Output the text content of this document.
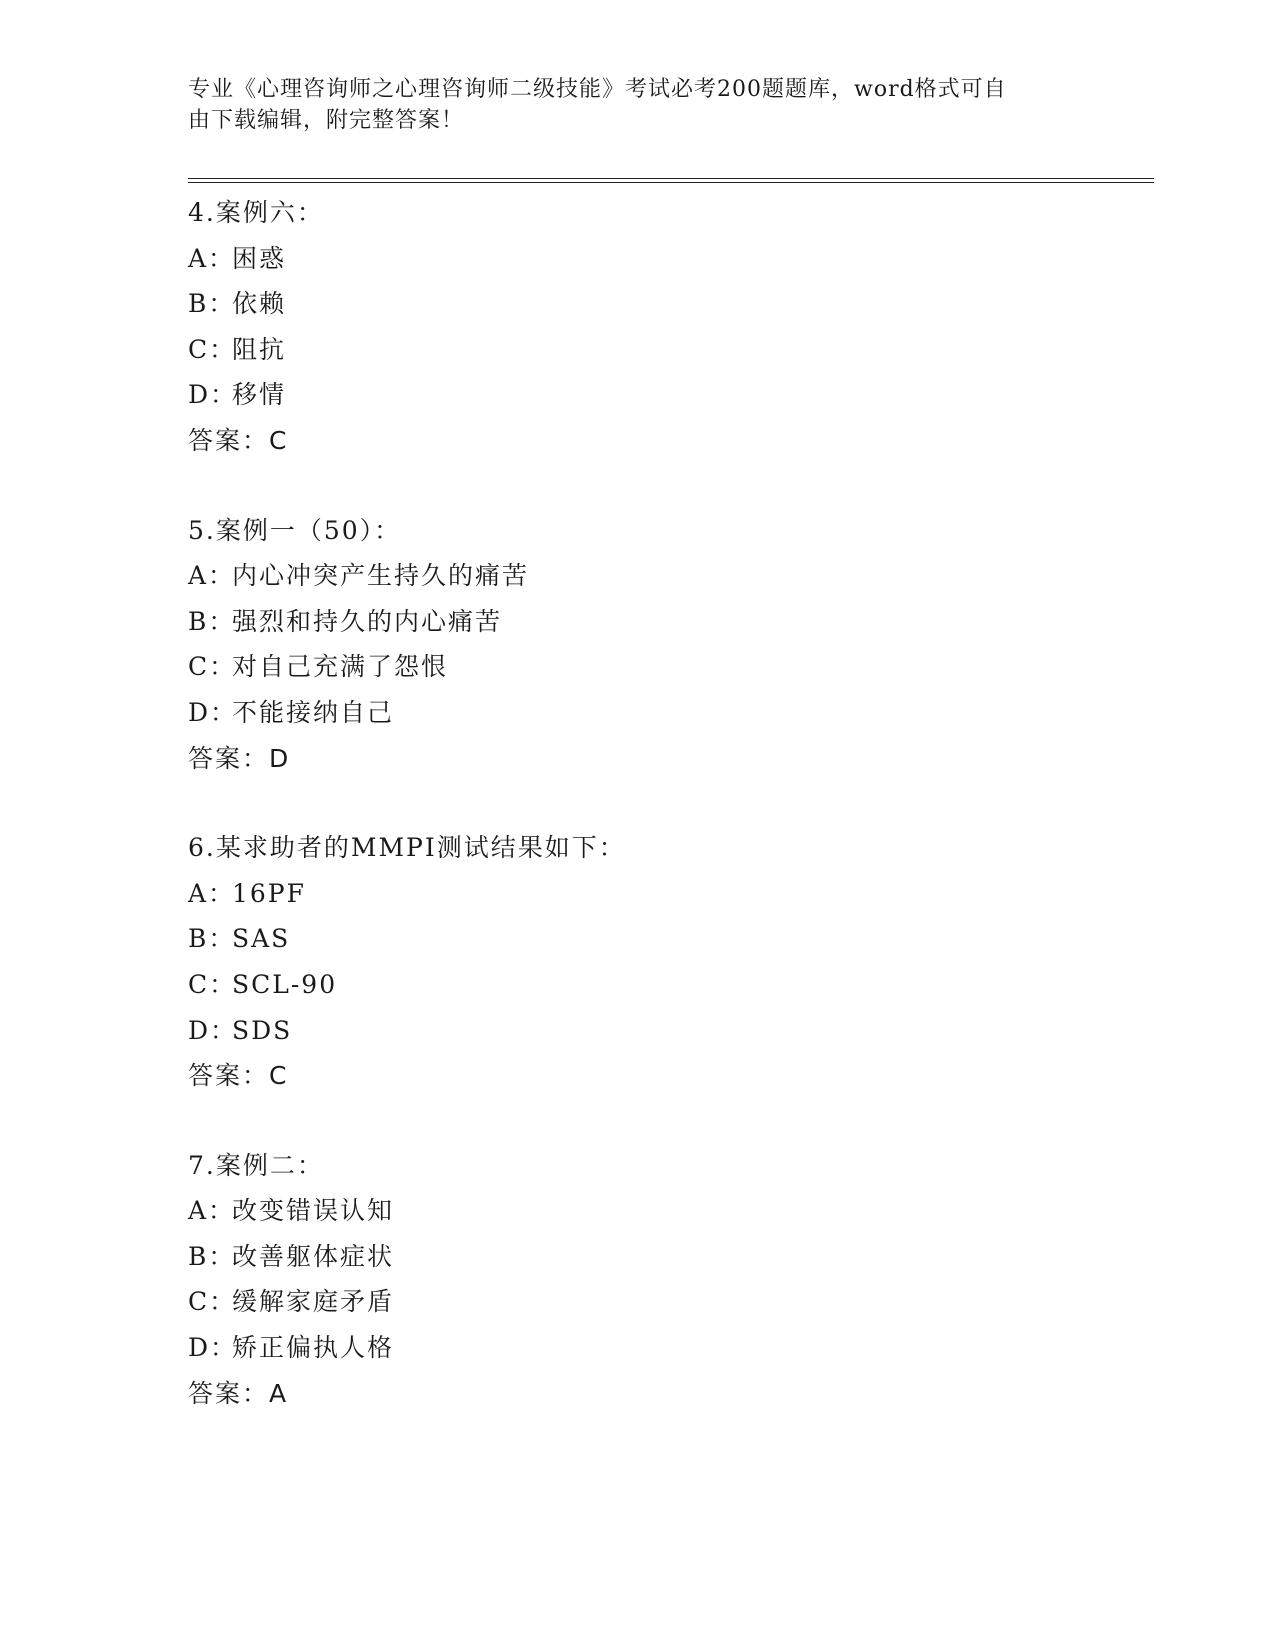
专业《心理咨询师之心理咨询师二级技能》考试必考200题题库，word格式可自
由下载编辑，附完整答案！
4.案例六：
A：困惑
B：依赖
C：阻抗
D：移情
答案：C
5.案例一（50）：
A：内心冲突产生持久的痛苦
B：强烈和持久的内心痛苦
C：对自己充满了怨恨
D：不能接纳自己
答案：D
6.某求助者的MMPI测试结果如下：
A：16PF
B：SAS
C：SCL-90
D：SDS
答案：C
7.案例二：
A：改变错误认知
B：改善躯体症状
C：缓解家庭矛盾
D：矫正偏执人格
答案：A
